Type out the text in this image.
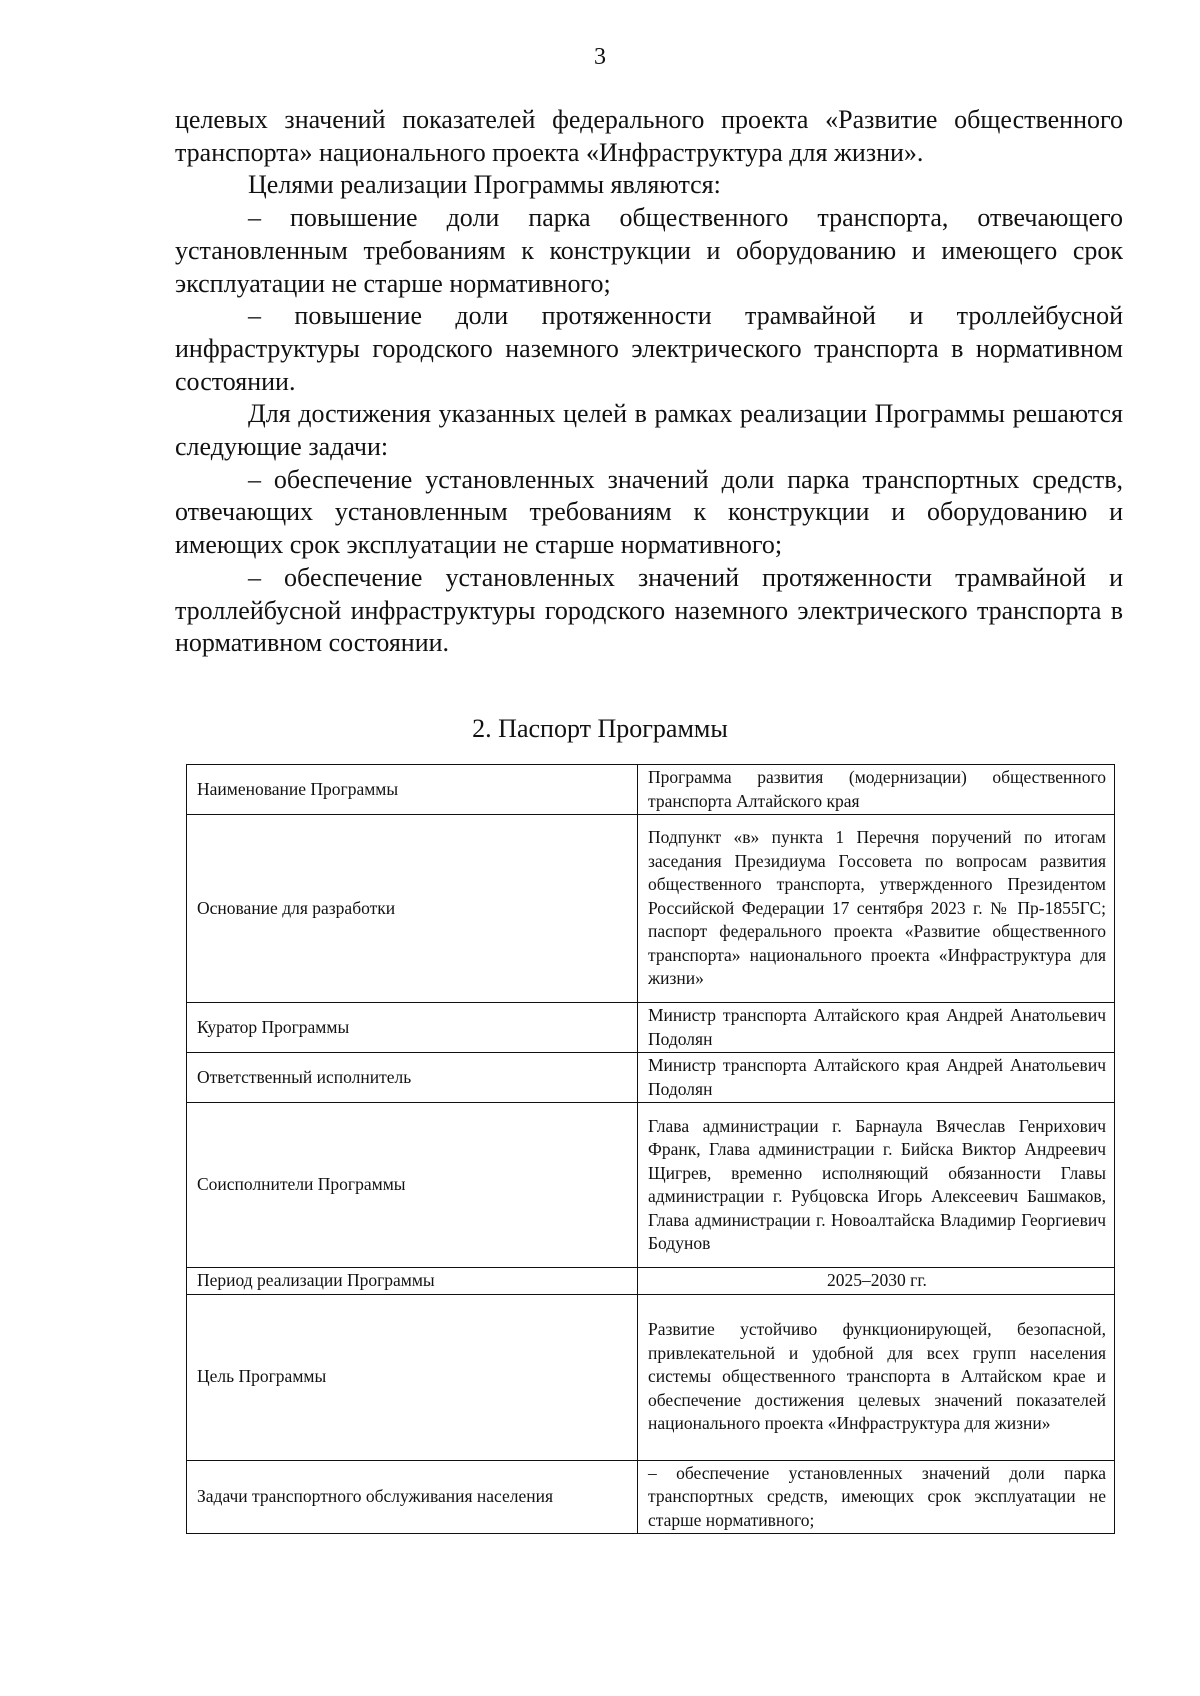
3

целевых значений показателей федерального проекта «Развитие общественного транспорта» национального проекта «Инфраструктура для жизни».

Целями реализации Программы являются:

– повышение доли парка общественного транспорта, отвечающего установленным требованиям к конструкции и оборудованию и имеющего срок эксплуатации не старше нормативного;

– повышение доли протяженности трамвайной и троллейбусной инфраструктуры городского наземного электрического транспорта в нормативном состоянии.

Для достижения указанных целей в рамках реализации Программы решаются следующие задачи:

– обеспечение установленных значений доли парка транспортных средств, отвечающих установленным требованиям к конструкции и оборудованию и имеющих срок эксплуатации не старше нормативного;

– обеспечение установленных значений протяженности трамвайной и троллейбусной инфраструктуры городского наземного электрического транспорта в нормативном состоянии.

2. Паспорт Программы
Наименование Программы	Программа развития (модернизации) общественного транспорта Алтайского края
Основание для разработки	Подпункт «в» пункта 1 Перечня поручений по итогам заседания Президиума Госсовета по вопросам развития общественного транспорта, утвержденного Президентом Российской Федерации 17 сентября 2023 г. № Пр-1855ГС; паспорт федерального проекта «Развитие общественного транспорта» национального проекта «Инфраструктура для жизни»
Куратор Программы	Министр транспорта Алтайского края Андрей Анатольевич Подолян
Ответственный исполнитель	Министр транспорта Алтайского края Андрей Анатольевич Подолян
Соисполнители Программы	Глава администрации г. Барнаула Вячеслав Генрихович Франк, Глава администрации г. Бийска Виктор Андреевич Щигрев, временно исполняющий обязанности Главы администрации г. Рубцовска Игорь Алексеевич Башмаков, Глава администрации г. Новоалтайска Владимир Георгиевич Бодунов
Период реализации Программы	2025–2030 гг.
Цель Программы	Развитие устойчиво функционирующей, безопасной, привлекательной и удобной для всех групп населения системы общественного транспорта в Алтайском крае и обеспечение достижения целевых значений показателей национального проекта «Инфраструктура для жизни»
Задачи транспортного обслуживания населения	– обеспечение установленных значений доли парка транспортных средств, имеющих срок эксплуатации не старше нормативного;
